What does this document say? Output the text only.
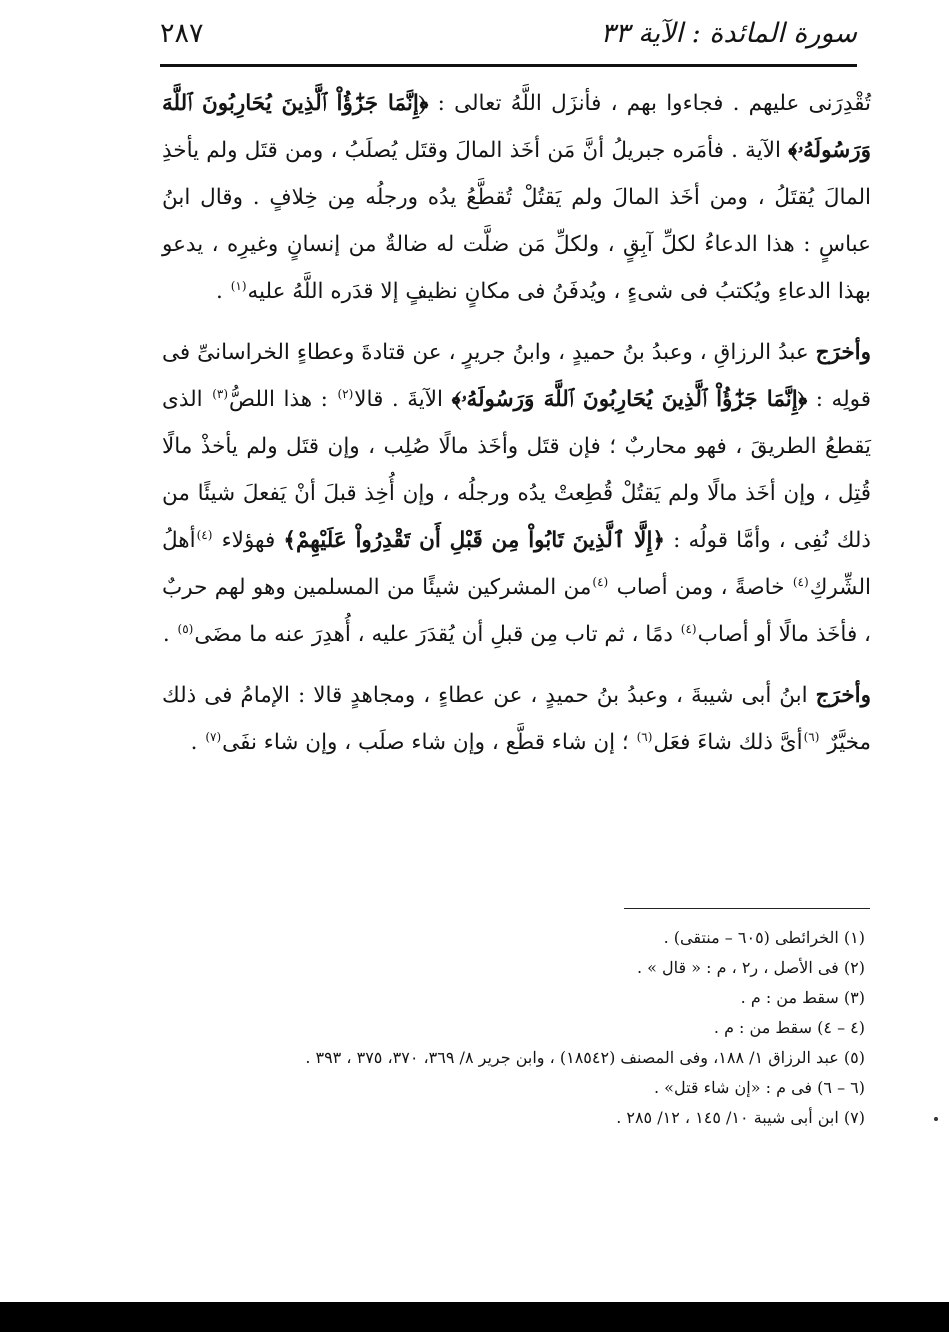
٢٨٧	سورة المائدة : الآية ٣٣

تُقْدِرَنى عليهم . فجاءوا بهم ، فأنزَل اللَّهُ تعالى : ﴿إِنَّمَا جَزَٰٓؤُاْ ٱلَّذِينَ يُحَارِبُونَ ٱللَّهَ وَرَسُولَهُۥ﴾ الآية . فأمَره جبريلُ أنَّ مَن أخَذ المالَ وقتَل يُصلَبُ ، ومن قتَل ولم يأخذِ المالَ يُقتَلُ ، ومن أخَذ المالَ ولم يَقتُلْ تُقطَّعُ يدُه ورجلُه مِن خِلافٍ . وقال ابنُ عباسٍ : هذا الدعاءُ لكلِّ آبِقٍ ، ولكلِّ مَن ضلَّت له ضالةٌ من إنسانٍ وغيرِه ، يدعو بهذا الدعاءِ ويُكتبُ فى شىءٍ ، ويُدفَنُ فى مكانٍ نظيفٍ إلا قدَره اللَّهُ عليه$^{(١)}$ .

وأخرَج عبدُ الرزاقِ ، وعبدُ بنُ حميدٍ ، وابنُ جريرٍ ، عن قتادةَ وعطاءٍ الخراسانىِّ فى قولِه : ﴿إِنَّمَا جَزَٰٓؤُاْ ٱلَّذِينَ يُحَارِبُونَ ٱللَّهَ وَرَسُولَهُۥ﴾ الآيةَ . قالا$^{(٢)}$ : هذا اللصُّ$^{(٣)}$ الذى يَقطعُ الطريقَ ، فهو محاربٌ ؛ فإن قتَل وأخَذ مالًا صُلِب ، وإن قتَل ولم يأخذْ مالًا قُتِل ، وإن أخَذ مالًا ولم يَقتُلْ قُطِعتْ يدُه ورجلُه ، وإن أُخِذ قبلَ أنْ يَفعلَ شيئًا من ذلك نُفِى ، وأمَّا قولُه : ﴿إِلَّا ٱلَّذِينَ تَابُواْ مِن قَبْلِ أَن تَقْدِرُواْ عَلَيْهِمْ﴾ فهؤلاء $^{(٤)}$أهلُ الشِّركِ$^{(٤)}$ خاصةً ، ومن أصاب $^{(٤)}$من المشركين شيئًا من المسلمين وهو لهم حربٌ ، فأخَذ مالًا أو أصاب$^{(٤)}$ دمًا ، ثم تاب مِن قبلِ أن يُقدَرَ عليه ، أُهدِرَ عنه ما مضَى$^{(٥)}$ .

وأخرَج ابنُ أبى شيبةَ ، وعبدُ بنُ حميدٍ ، عن عطاءٍ ، ومجاهدٍ قالا : الإمامُ فى ذلك مخيَّرٌ $^{(٦)}$أىَّ ذلك شاءَ فعَل$^{(٦)}$ ؛ إن شاء قطَّع ، وإن شاء صلَب ، وإن شاء نفَى$^{(٧)}$ .

(١) الخرائطى (٦٠٥ – منتقى) .
(٢) فى الأصل ، ر٢ ، م : « قال » .
(٣) سقط من : م .
(٤ – ٤) سقط من : م .
(٥) عبد الرزاق ١/ ١٨٨، وفى المصنف (١٨٥٤٢) ، وابن جرير ٨/ ٣٦٩، ٣٧٠، ٣٧٥ ، ٣٩٣ .
(٦ – ٦) فى م : «إن شاء قتل» .
(٧) ابن أبى شيبة ١٠/ ١٤٥ ، ١٢/ ٢٨٥ .
